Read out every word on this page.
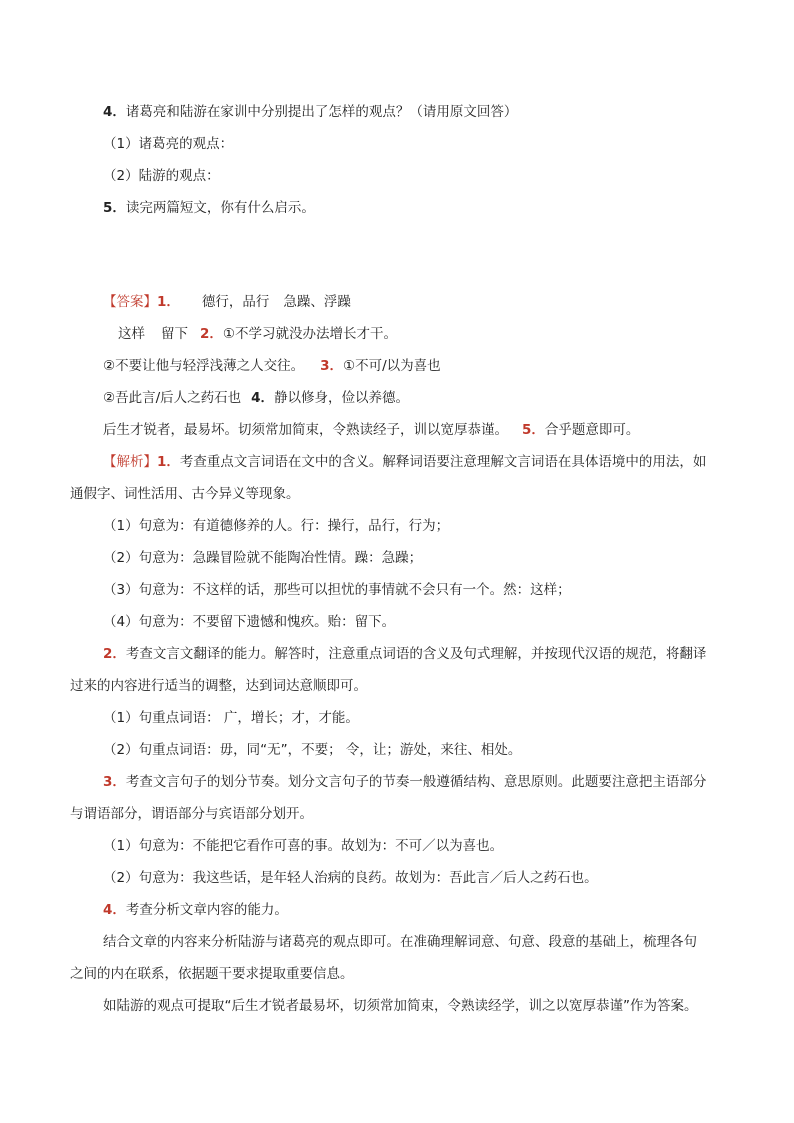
4．诸葛亮和陆游在家训中分别提出了怎样的观点？（请用原文回答）
（1）诸葛亮的观点：
（2）陆游的观点：
5．读完两篇短文，你有什么启示。
【答案】1． 德行，品行 急躁、浮躁
这样 留下 2．①不学习就没办法增长才干。
②不要让他与轻浮浅薄之人交往。 3．①不可/以为喜也
②吾此言/后人之药石也 4．静以修身，俭以养德。
后生才锐者，最易坏。切须常加简束，令熟读经子，训以宽厚恭谨。 5．合乎题意即可。
【解析】1．考查重点文言词语在文中的含义。解释词语要注意理解文言词语在具体语境中的用法，如
通假字、词性活用、古今异义等现象。
（1）句意为：有道德修养的人。行：操行，品行，行为；
（2）句意为：急躁冒险就不能陶冶性情。躁：急躁；
（3）句意为：不这样的话，那些可以担忧的事情就不会只有一个。然：这样；
（4）句意为：不要留下遗憾和愧疚。贻：留下。
2．考查文言文翻译的能力。解答时，注意重点词语的含义及句式理解，并按现代汉语的规范，将翻译
过来的内容进行适当的调整，达到词达意顺即可。
（1）句重点词语： 广，增长；才，才能。
（2）句重点词语：毋，同“无”，不要； 令，让；游处，来往、相处。
3．考查文言句子的划分节奏。划分文言句子的节奏一般遵循结构、意思原则。此题要注意把主语部分
与谓语部分，谓语部分与宾语部分划开。
（1）句意为：不能把它看作可喜的事。故划为：不可／以为喜也。
（2）句意为：我这些话，是年轻人治病的良药。故划为：吾此言／后人之药石也。
4．考查分析文章内容的能力。
结合文章的内容来分析陆游与诸葛亮的观点即可。在准确理解词意、句意、段意的基础上，梳理各句
之间的内在联系，依据题干要求提取重要信息。
如陆游的观点可提取“后生才锐者最易坏，切须常加简束，令熟读经学，训之以宽厚恭谨”作为答案。
